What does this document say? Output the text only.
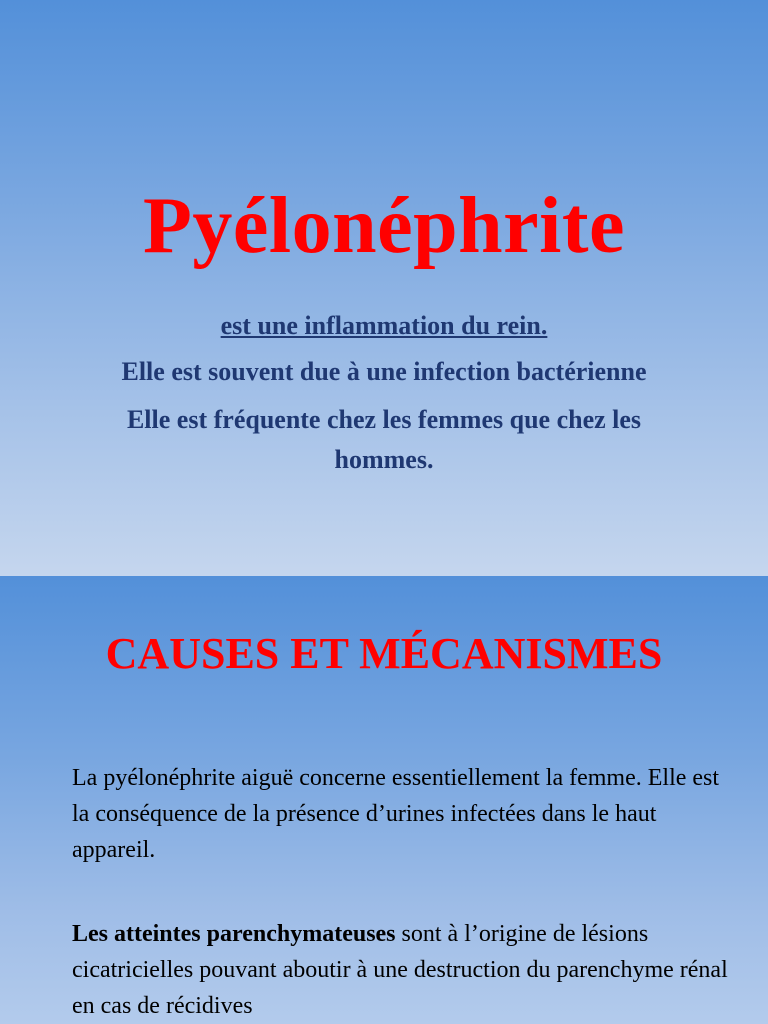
Pyélonéphrite

est une inflammation du rein.

Elle est souvent due à une infection bactérienne

Elle est fréquente chez les femmes que chez les hommes.

CAUSES ET MÉCANISMES

La pyélonéphrite aiguë concerne essentiellement la femme. Elle est la conséquence de la présence d’urines infectées dans le haut appareil.

Les atteintes parenchymateuses sont à l’origine de lésions cicatricielles pouvant aboutir à une destruction du parenchyme rénal en cas de récidives
